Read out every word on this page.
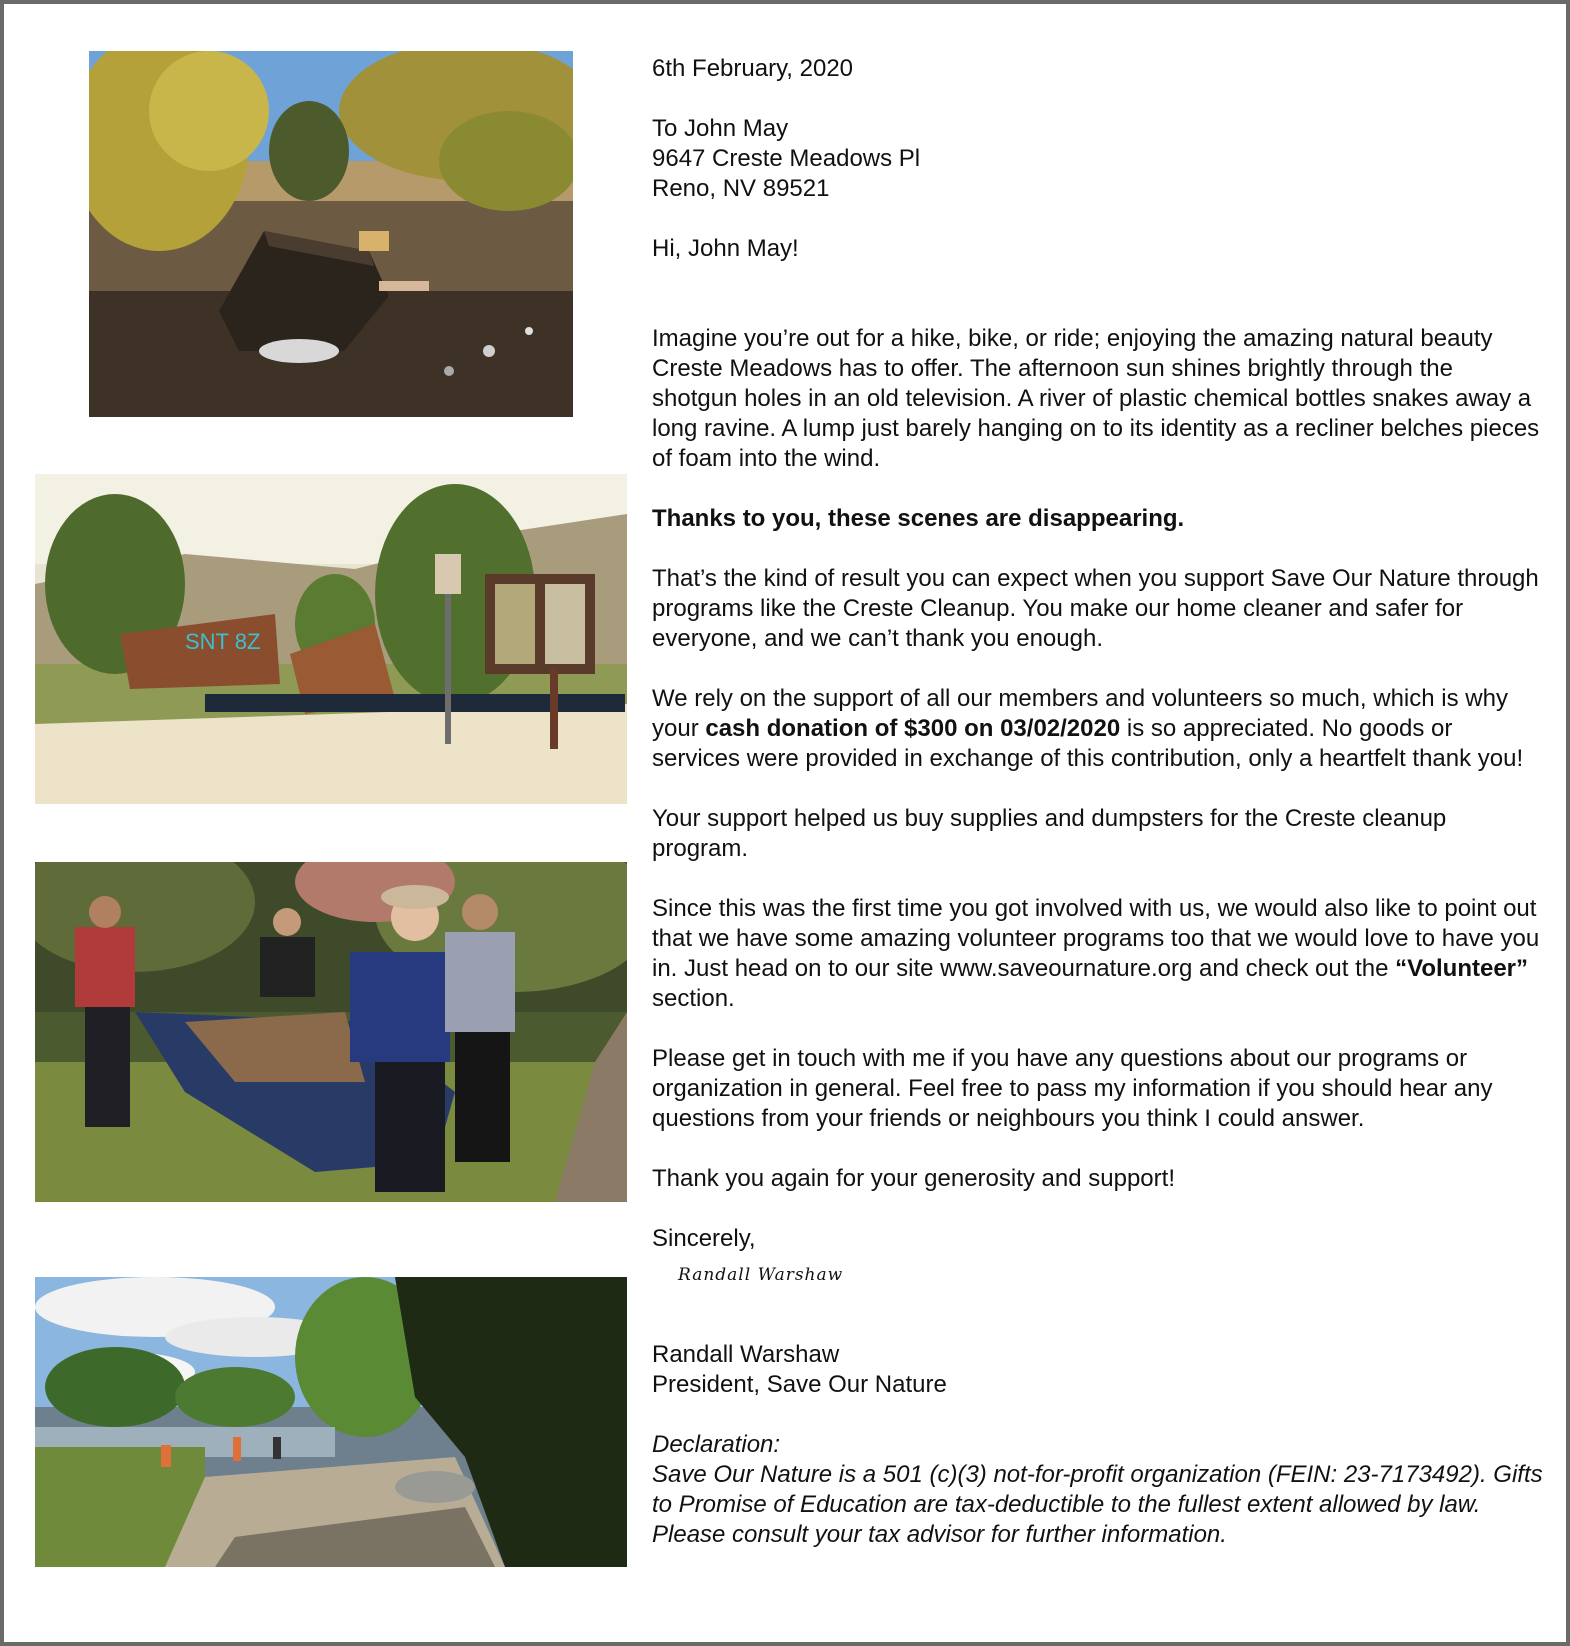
SNT 8Z

6th February, 2020

To John May
9647 Creste Meadows Pl
Reno, NV 89521

Hi, John May!

Imagine you’re out for a hike, bike, or ride; enjoying the amazing natural beauty Creste Meadows has to offer. The afternoon sun shines brightly through the shotgun holes in an old television. A river of plastic chemical bottles snakes away a long ravine. A lump just barely hanging on to its identity as a recliner belches pieces of foam into the wind.

Thanks to you, these scenes are disappearing.

That’s the kind of result you can expect when you support Save Our Nature through programs like the Creste Cleanup. You make our home cleaner and safer for everyone, and we can’t thank you enough.

We rely on the support of all our members and volunteers so much, which is why your cash donation of $300 on 03/02/2020 is so appreciated. No goods or services were provided in exchange of this contribution, only a heartfelt thank you!

Your support helped us buy supplies and dumpsters for the Creste cleanup program.

Since this was the first time you got involved with us, we would also like to point out that we have some amazing volunteer programs too that we would love to have you in. Just head on to our site www.saveournature.org and check out the “Volunteer” section.

Please get in touch with me if you have any questions about our programs or organization in general. Feel free to pass my information if you should hear any questions from your friends or neighbours you think I could answer.

Thank you again for your generosity and support!

Sincerely,

Randall Warshaw

Randall Warshaw
President, Save Our Nature

Declaration:
Save Our Nature is a 501 (c)(3) not-for-profit organization (FEIN: 23-7173492). Gifts to Promise of Education are tax-deductible to the fullest extent allowed by law. Please consult your tax advisor for further information.
